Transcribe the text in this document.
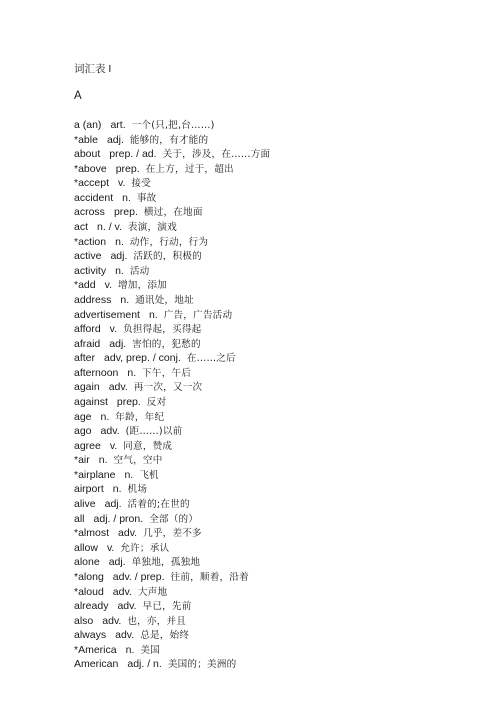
词汇表 I
A
a (an) art. 一个(只,把,台……)
*able adj. 能够的，有才能的
about prep. / ad. 关于，涉及，在……方面
*above prep. 在上方，过于，超出
*accept v. 接受
accident n. 事故
across prep. 横过，在地面
act n. / v. 表演，演戏
*action n. 动作，行动，行为
active adj. 活跃的，积极的
activity n. 活动
*add v. 增加，添加
address n. 通讯处，地址
advertisement n. 广告，广告活动
afford v. 负担得起，买得起
afraid adj. 害怕的，犯愁的
after adv, prep. / conj. 在……之后
afternoon n. 下午，午后
again adv. 再一次，又一次
against prep. 反对
age n. 年龄，年纪
ago adv. (距……)以前
agree v. 同意，赞成
*air n. 空气，空中
*airplane n. 飞机
airport n. 机场
alive adj. 活着的;在世的
all adj. / pron. 全部（的）
*almost adv. 几乎，差不多
allow v. 允许；承认
alone adj. 单独地，孤独地
*along adv. / prep. 往前，顺着，沿着
*aloud adv. 大声地
already adv. 早已，先前
also adv. 也，亦，并且
always adv. 总是，始终
*America n. 美国
American adj. / n. 美国的；美洲的
